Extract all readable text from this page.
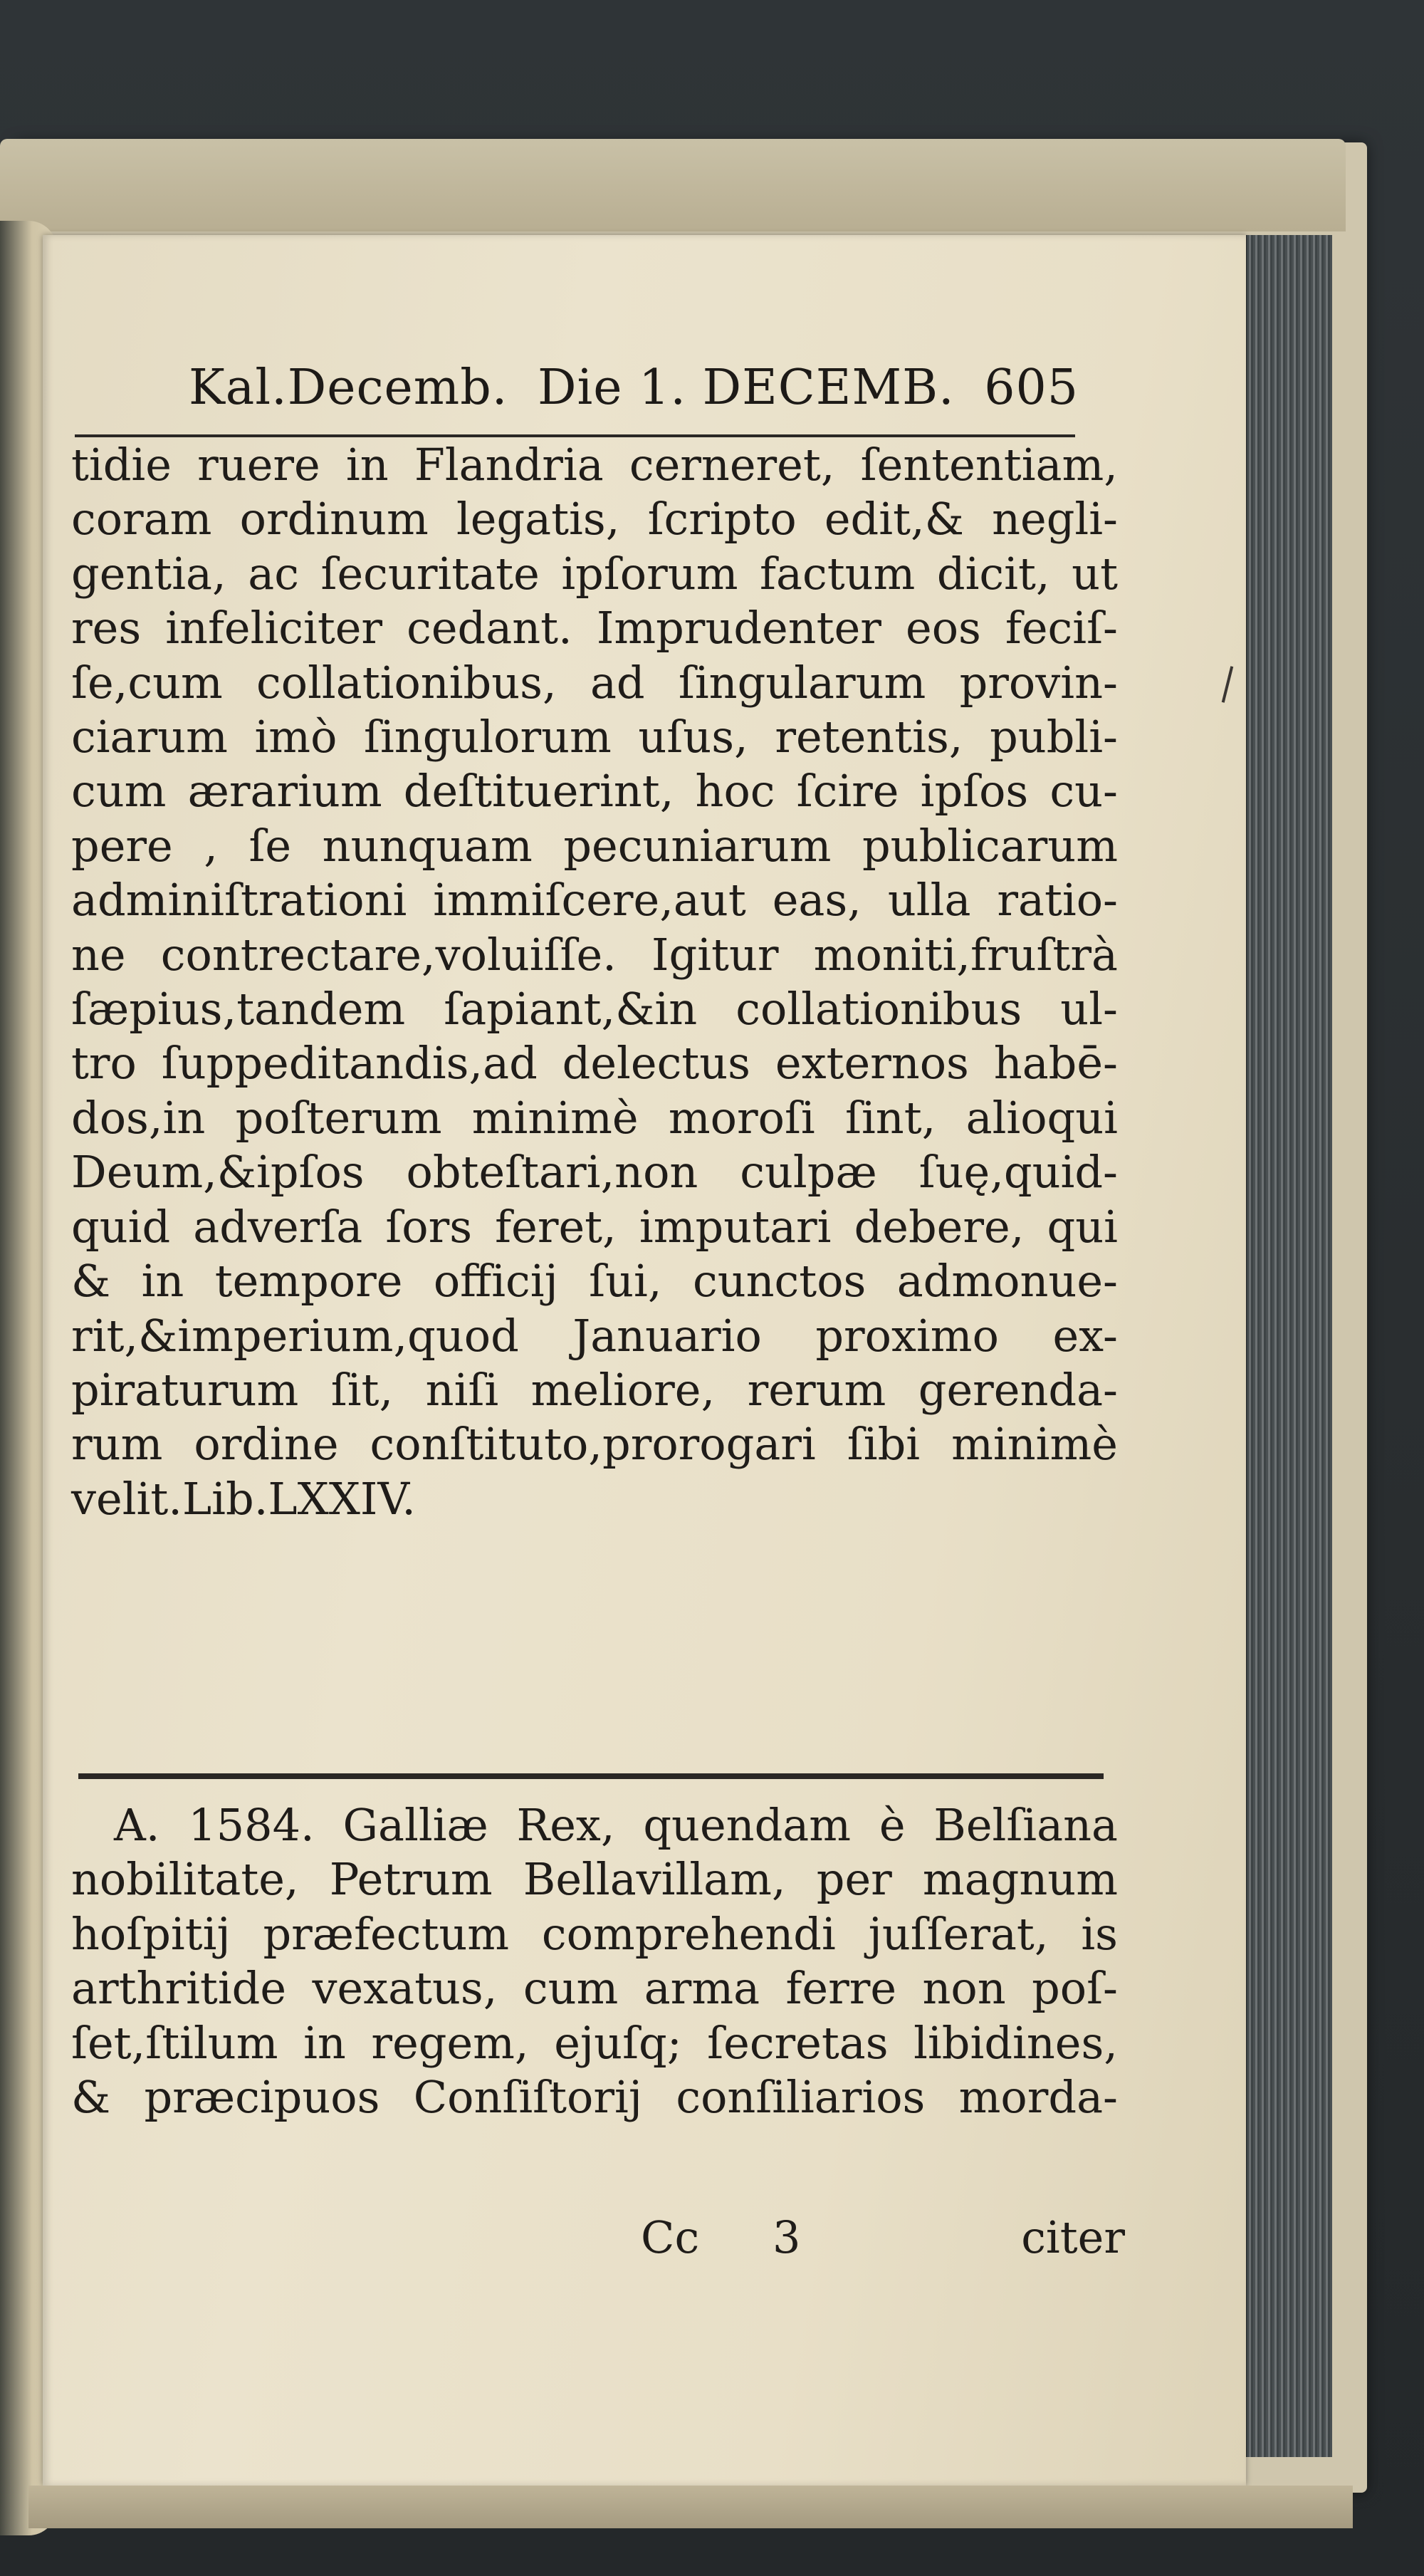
Kal.Decemb. Die 1. DECEMB. 605
tidie ruere in Flandria cerneret, ſententiam,
coram ordinum legatis, ſcripto edit,& negli-
gentia, ac ſecuritate ipſorum factum dicit, ut
res infeliciter cedant. Imprudenter eos feciſ-
ſe,cum collationibus, ad ſingularum provin-
ciarum imò ſingulorum uſus, retentis, publi-
cum ærarium deſtituerint, hoc ſcire ipſos cu-
pere , ſe nunquam pecuniarum publicarum
adminiſtrationi immiſcere,aut eas, ulla ratio-
ne contrectare,voluiſſe. Igitur moniti,fruſtrà
ſæpius,tandem ſapiant,&in collationibus ul-
tro ſuppeditandis,ad delectus externos habē-
dos,in poſterum minimè moroſi ſint, alioqui
Deum,&ipſos obteſtari,non culpæ ſuę,quid-
quid adverſa ſors feret, imputari debere, qui
& in tempore officij ſui, cunctos admonue-
rit,&imperium,quod Januario proximo ex-
piraturum ſit, niſi meliore, rerum gerenda-
rum ordine conſtituto,prorogari ſibi minimè
velit.Lib.LXXIV.
A. 1584. Galliæ Rex, quendam è Belſiana
nobilitate, Petrum Bellavillam, per magnum
hoſpitij præfectum comprehendi juſſerat, is
arthritide vexatus, cum arma ferre non poſ-
ſet,ſtilum in regem, ejuſq; ſecretas libidines,
& præcipuos Conſiſtorij conſiliarios morda-
Cc 3	citer
